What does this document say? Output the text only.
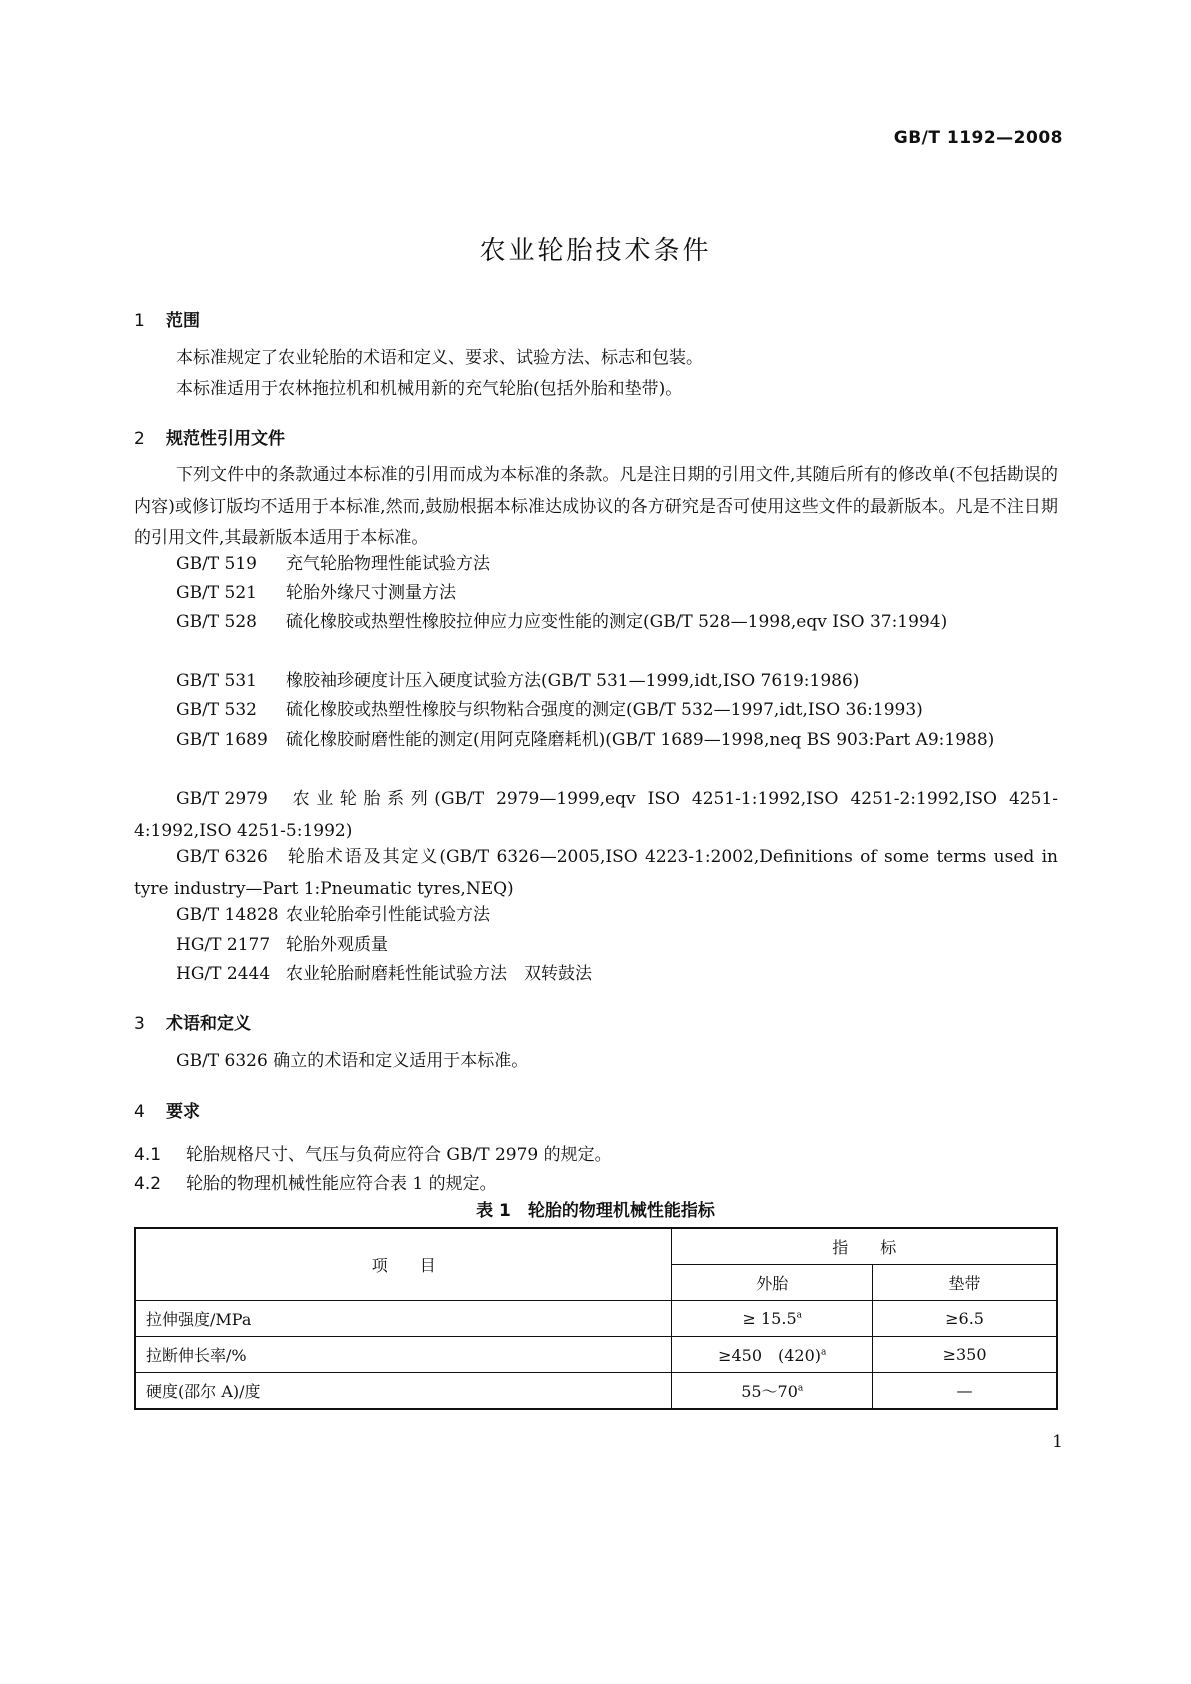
GB/T 1192—2008
农业轮胎技术条件
1 范围
本标准规定了农业轮胎的术语和定义、要求、试验方法、标志和包装。
本标准适用于农林拖拉机和机械用新的充气轮胎(包括外胎和垫带)。
2 规范性引用文件
下列文件中的条款通过本标准的引用而成为本标准的条款。凡是注日期的引用文件,其随后所有的修改单(不包括勘误的内容)或修订版均不适用于本标准,然而,鼓励根据本标准达成协议的各方研究是否可使用这些文件的最新版本。凡是不注日期的引用文件,其最新版本适用于本标准。
GB/T 519 充气轮胎物理性能试验方法
GB/T 521 轮胎外缘尺寸测量方法
GB/T 528 硫化橡胶或热塑性橡胶拉伸应力应变性能的测定(GB/T 528—1998,eqv ISO 37:1994)
GB/T 531 橡胶袖珍硬度计压入硬度试验方法(GB/T 531—1999,idt,ISO 7619:1986)
GB/T 532 硫化橡胶或热塑性橡胶与织物粘合强度的测定(GB/T 532—1997,idt,ISO 36:1993)
GB/T 1689 硫化橡胶耐磨性能的测定(用阿克隆磨耗机)(GB/T 1689—1998,neq BS 903:Part A9:1988)
GB/T 2979 农业轮胎系列(GB/T 2979—1999,eqv ISO 4251-1:1992,ISO 4251-2:1992,ISO 4251-4:1992,ISO 4251-5:1992)
GB/T 6326 轮胎术语及其定义(GB/T 6326—2005,ISO 4223-1:2002,Definitions of some terms used in tyre industry—Part 1:Pneumatic tyres,NEQ)
GB/T 14828 农业轮胎牵引性能试验方法
HG/T 2177 轮胎外观质量
HG/T 2444 农业轮胎耐磨耗性能试验方法　双转鼓法
3 术语和定义
GB/T 6326 确立的术语和定义适用于本标准。
4 要求
4.1 轮胎规格尺寸、气压与负荷应符合 GB/T 2979 的规定。
4.2 轮胎的物理机械性能应符合表 1 的规定。
表 1　轮胎的物理机械性能指标
项　　目	指　　标	
	外胎	垫带
拉伸强度/MPa	≥ 15.5$^a$	≥6.5
拉断伸长率/%	≥450　$(420)^a$	≥350
硬度(邵尔 A)/度	55～70$^a$	—
1
